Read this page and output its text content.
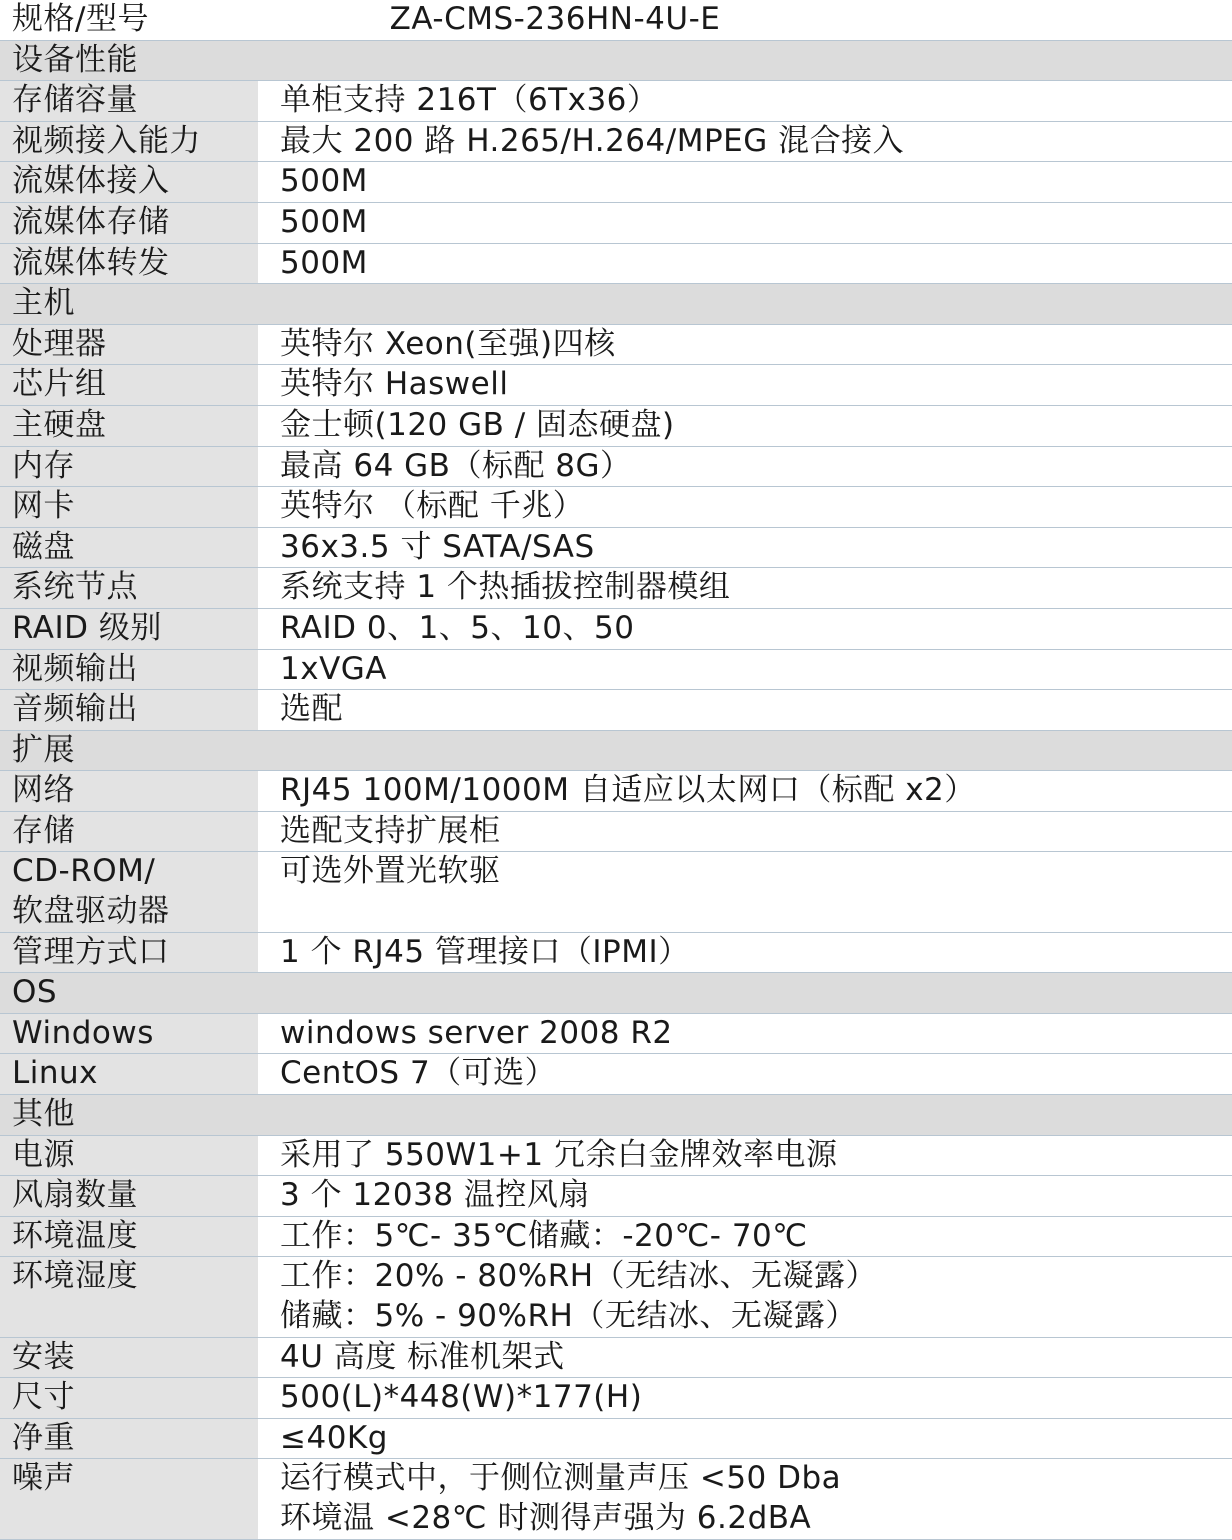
规格/型号	ZA-CMS-236HN-4U-E
设备性能	
存储容量	单柜支持 216T（6Tx36）

视频接入能力	最大 200 路 H.265/H.264/MPEG 混合接入

流媒体接入	500M

流媒体存储	500M

流媒体转发	500M

主机	
处理器	英特尔 Xeon(至强)四核

芯片组	英特尔 Haswell

主硬盘	金士顿(120 GB / 固态硬盘)

内存	最高 64 GB（标配 8G）

网卡	英特尔 （标配 千兆）

磁盘	36x3.5 寸 SATA/SAS

系统节点	系统支持 1 个热插拔控制器模组

RAID 级别	RAID 0、1、5、10、50

视频输出	1xVGA

音频输出	选配

扩展	
网络	RJ45 100M/1000M 自适应以太网口（标配 x2）

存储	选配支持扩展柜

CD-ROM/
软盘驱动器	可选外置光软驱

管理方式口	1 个 RJ45 管理接口（IPMI）

OS	
Windows	windows server 2008 R2

Linux	CentOS 7（可选）

其他	
电源	采用了 550W1+1 冗余白金牌效率电源

风扇数量	3 个 12038 温控风扇

环境温度	工作：5℃- 35℃储藏：-20℃- 70℃

环境湿度	工作：20% - 80%RH（无结冰、无凝露）
储藏：5% - 90%RH（无结冰、无凝露）

安装	4U 高度 标准机架式

尺寸	500(L)*448(W)*177(H)

净重	≤40Kg

噪声	运行模式中，于侧位测量声压 <50 Dba
环境温 <28℃ 时测得声强为 6.2dBA
